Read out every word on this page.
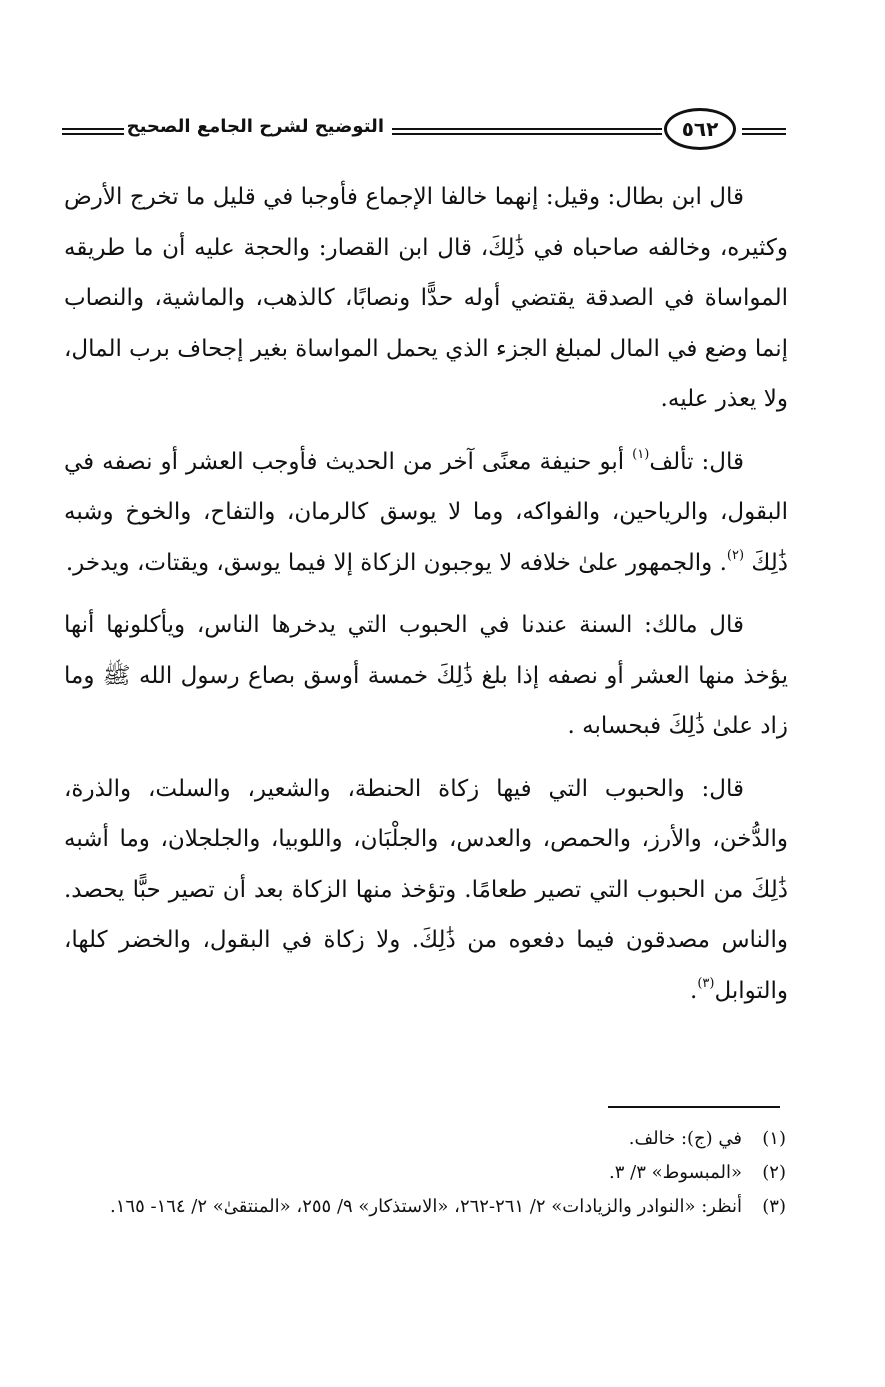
التوضيح لشرح الجامع الصحيح	٥٦٢

قال ابن بطال: وقيل: إنهما خالفا الإجماع فأوجبا في قليل ما تخرج الأرض وكثيره، وخالفه صاحباه في ذَٰلِكَ، قال ابن القصار: والحجة عليه أن ما طريقه المواساة في الصدقة يقتضي أوله حدًّا ونصابًا، كالذهب، والماشية، والنصاب إنما وضع في المال لمبلغ الجزء الذي يحمل المواساة بغير إجحاف برب المال، ولا يعذر عليه.

قال: تألف$^{(١)}$ أبو حنيفة معنًى آخر من الحديث فأوجب العشر أو نصفه في البقول، والرياحين، والفواكه، وما لا يوسق كالرمان، والتفاح، والخوخ وشبه ذَٰلِكَ $^{(٢)}$. والجمهور علىٰ خلافه لا يوجبون الزكاة إلا فيما يوسق، ويقتات، ويدخر.

قال مالك: السنة عندنا في الحبوب التي يدخرها الناس، ويأكلونها أنها يؤخذ منها العشر أو نصفه إذا بلغ ذَٰلِكَ خمسة أوسق بصاع رسول الله ﷺ وما زاد علىٰ ذَٰلِكَ فبحسابه .

قال: والحبوب التي فيها زكاة الحنطة، والشعير، والسلت، والذرة، والدُّخن، والأرز، والحمص، والعدس، والجلْبَان، واللوبيا، والجلجلان، وما أشبه ذَٰلِكَ من الحبوب التي تصير طعامًا. وتؤخذ منها الزكاة بعد أن تصير حبًّا يحصد. والناس مصدقون فيما دفعوه من ذَٰلِكَ. ولا زكاة في البقول، والخضر كلها، والتوابل$^{(٣)}$.

(١)
في (ج): خالف.

(٢)
«المبسوط» ٣/ ٣.

(٣)
أنظر: «النوادر والزيادات» ٢/ ٢٦١-٢٦٢، «الاستذكار» ٩/ ٢٥٥، «المنتقىٰ» ٢/ ١٦٤- ١٦٥.
